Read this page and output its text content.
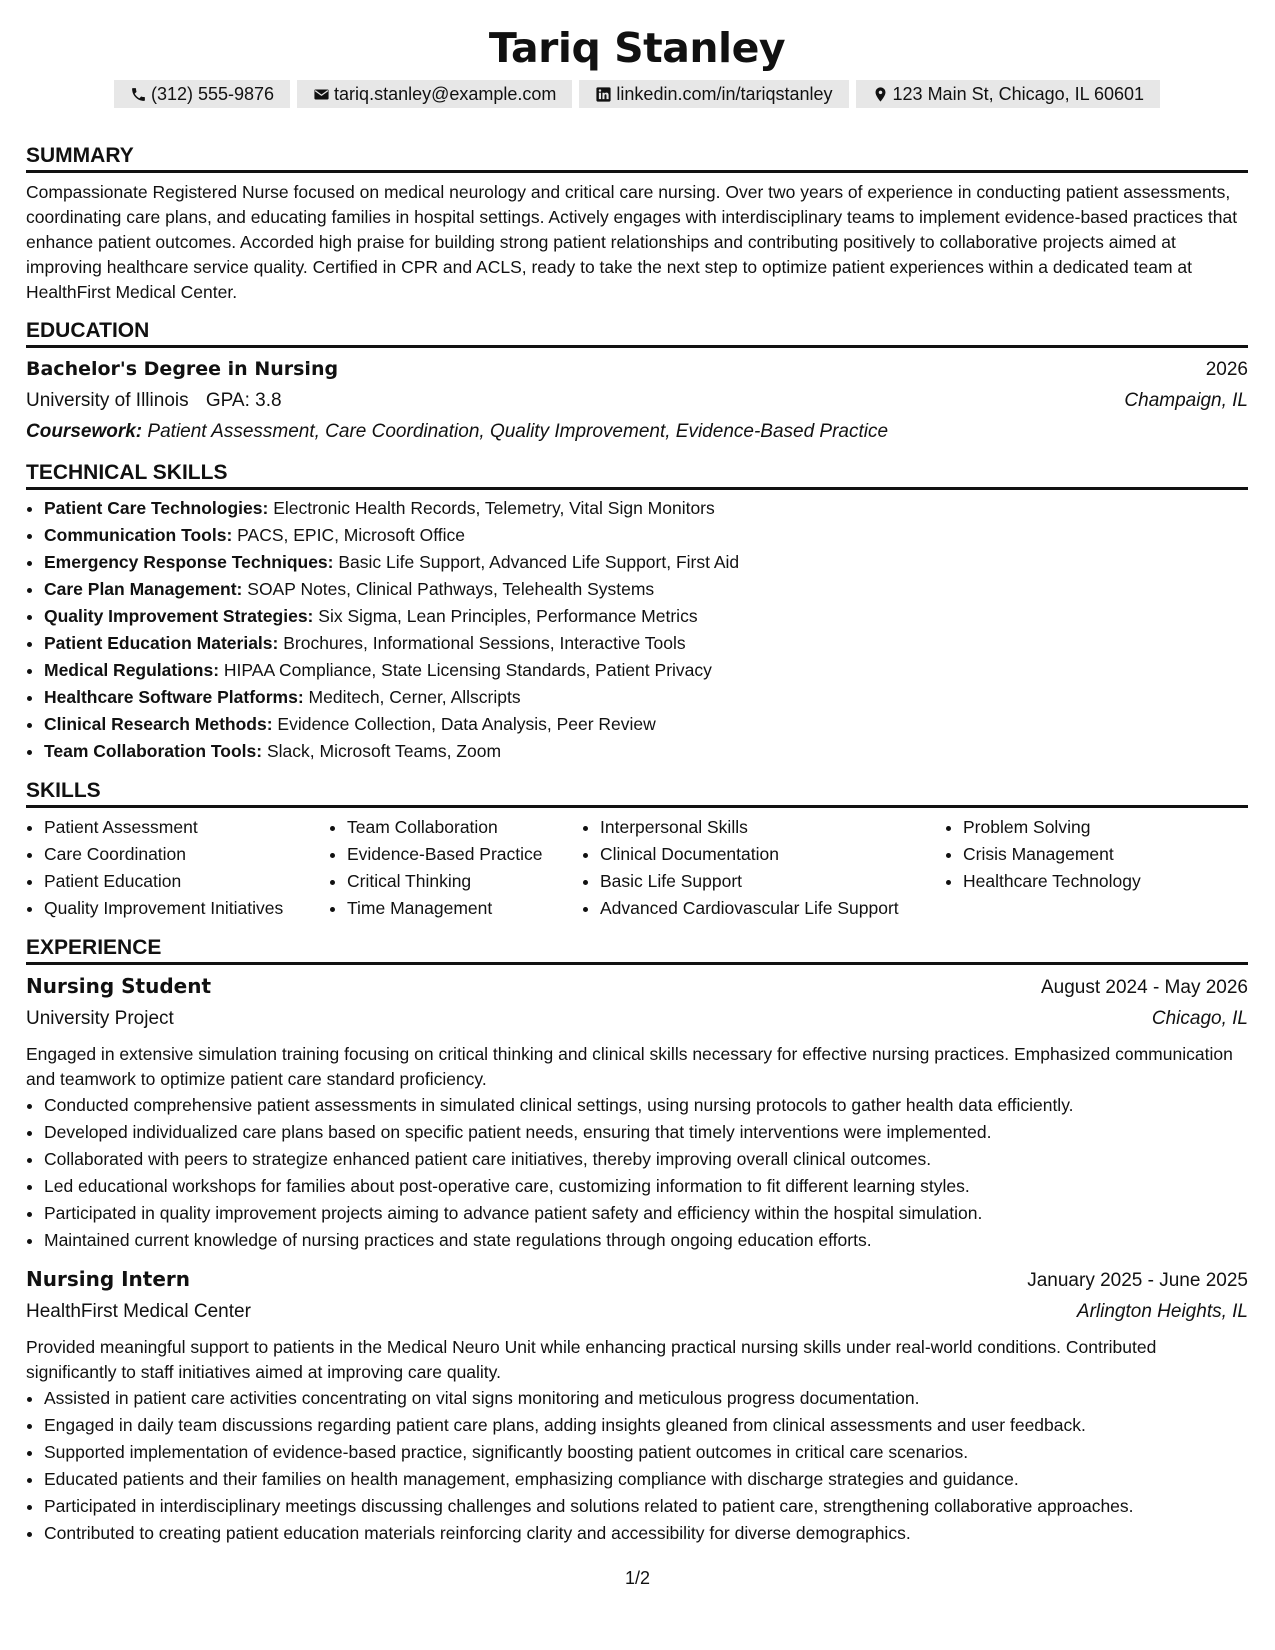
Tariq Stanley
(312) 555-9876	tariq.stanley@example.com	linkedin.com/in/tariqstanley	123 Main St, Chicago, IL 60601
SUMMARY

Compassionate Registered Nurse focused on medical neurology and critical care nursing. Over two years of experience in conducting patient assessments, coordinating care plans, and educating families in hospital settings. Actively engages with interdisciplinary teams to implement evidence-based practices that enhance patient outcomes. Accorded high praise for building strong patient relationships and contributing positively to collaborative projects aimed at improving healthcare service quality. Certified in CPR and ACLS, ready to take the next step to optimize patient experiences within a dedicated team at HealthFirst Medical Center.

EDUCATION
Bachelor's Degree in Nursing	2026
University of Illinois GPA: 3.8	Champaign, IL
Coursework: Patient Assessment, Care Coordination, Quality Improvement, Evidence-Based Practice
TECHNICAL SKILLS
• Patient Care Technologies: Electronic Health Records, Telemetry, Vital Sign Monitors
• Communication Tools: PACS, EPIC, Microsoft Office
• Emergency Response Techniques: Basic Life Support, Advanced Life Support, First Aid
• Care Plan Management: SOAP Notes, Clinical Pathways, Telehealth Systems
• Quality Improvement Strategies: Six Sigma, Lean Principles, Performance Metrics
• Patient Education Materials: Brochures, Informational Sessions, Interactive Tools
• Medical Regulations: HIPAA Compliance, State Licensing Standards, Patient Privacy
• Healthcare Software Platforms: Meditech, Cerner, Allscripts
• Clinical Research Methods: Evidence Collection, Data Analysis, Peer Review
• Team Collaboration Tools: Slack, Microsoft Teams, Zoom
SKILLS
• Patient Assessment
• Care Coordination
• Patient Education
• Quality Improvement Initiatives
• Team Collaboration
• Evidence-Based Practice
• Critical Thinking
• Time Management
• Interpersonal Skills
• Clinical Documentation
• Basic Life Support
• Advanced Cardiovascular Life Support
• Problem Solving
• Crisis Management
• Healthcare Technology
EXPERIENCE
Nursing Student	August 2024 - May 2026
University Project	Chicago, IL

Engaged in extensive simulation training focusing on critical thinking and clinical skills necessary for effective nursing practices. Emphasized communication and teamwork to optimize patient care standard proficiency.

• Conducted comprehensive patient assessments in simulated clinical settings, using nursing protocols to gather health data efficiently.
• Developed individualized care plans based on specific patient needs, ensuring that timely interventions were implemented.
• Collaborated with peers to strategize enhanced patient care initiatives, thereby improving overall clinical outcomes.
• Led educational workshops for families about post-operative care, customizing information to fit different learning styles.
• Participated in quality improvement projects aiming to advance patient safety and efficiency within the hospital simulation.
• Maintained current knowledge of nursing practices and state regulations through ongoing education efforts.
Nursing Intern	January 2025 - June 2025
HealthFirst Medical Center	Arlington Heights, IL

Provided meaningful support to patients in the Medical Neuro Unit while enhancing practical nursing skills under real-world conditions. Contributed significantly to staff initiatives aimed at improving care quality.

• Assisted in patient care activities concentrating on vital signs monitoring and meticulous progress documentation.
• Engaged in daily team discussions regarding patient care plans, adding insights gleaned from clinical assessments and user feedback.
• Supported implementation of evidence-based practice, significantly boosting patient outcomes in critical care scenarios.
• Educated patients and their families on health management, emphasizing compliance with discharge strategies and guidance.
• Participated in interdisciplinary meetings discussing challenges and solutions related to patient care, strengthening collaborative approaches.
• Contributed to creating patient education materials reinforcing clarity and accessibility for diverse demographics.
1/2
